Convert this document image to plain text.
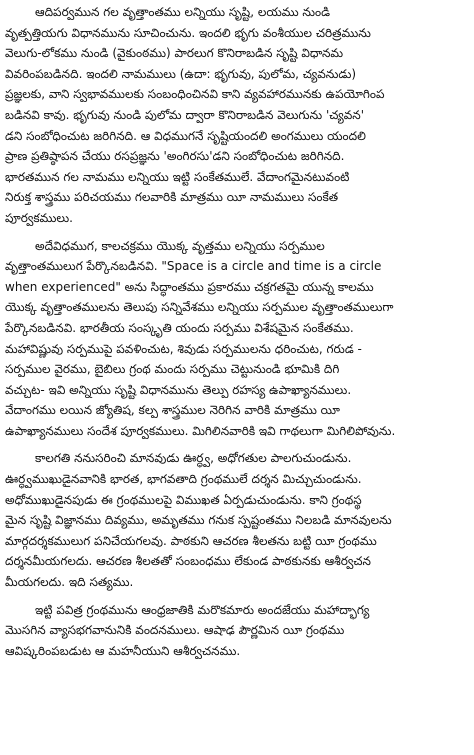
ఆదిపర్వమున గల వృత్తాంతము లన్నియు సృష్టి, లయము నుండి
వృత్పత్తియగు విధానమును సూచించును. ఇందలి భృగు వంశీయుల చరిత్రమును
వెలుగు-లోకము నుండి (వైకుంఠము) పారలుగ కొనిరాబడిన సృష్టి విధానమ
వివరింపబడినది. ఇందలి నామములు (ఉదా: భృగువు, పులోమ, చ్యవనుడు)
ప్రజ్ఞలకు, వాని స్వభావములకు సంబంధించినవి కాని వ్యవహారమునకు ఉపయోగింప
బడినవి కావు. భృగువు నుండి పులోమ ద్వారా కొనిరాబడిన వెలుగును 'చ్యవన'
డని సంబోధించుట జరిగినది. ఆ విధముగనే సృష్టియందలి అంగములు యందలి
ప్రాణ ప్రతిష్ఠాపన చేయు రసప్రజ్ఞను 'అంగిరసు'డని సంబోధించుట జరిగినది.
భారతమున గల నామము లన్నియు ఇట్టి సంకేతములే. వేదాంగమైనటువంటి
నిరుక్త శాస్త్రము పరిచయము గలవారికి మాత్రము యీ నామములు సంకేత
పూర్వకములు.
అదేవిధముగ, కాలచక్రము యొక్క వృత్తము లన్నియు సర్పముల
వృత్తాంతములుగ పేర్కొనబడినవి. "Space is a circle and time is a circle
when experienced" అను సిద్ధాంతము ప్రకారము చక్రగతమై యున్న కాలము
యొక్క వృత్తాంతములను తెలుపు సన్నివేశము లన్నియు సర్పముల వృత్తాంతములుగా
పేర్కొనబడినవి. భారతీయ సంస్కృతి యందు సర్పము విశేషమైన సంకేతము.
మహావిష్ణువు సర్పముపై పవళించుట, శివుడు సర్పములను ధరించుట, గరుడ -
సర్పముల వైరము, బైబిలు గ్రంథ మందు సర్పము చెట్టునుండి భూమికి దిగి
వచ్చుట- ఇవి అన్నియు సృష్టి విధానమును తెల్పు రహస్య ఉపాఖ్యానములు.
వేదాంగము లయిన జ్యోతిష, కల్ప శాస్త్రముల నెరిగిన వారికి మాత్రము యీ
ఉపాఖ్యానములు సందేశ పూర్వకములు. మిగిలినవారికి ఇవి గాథలుగా మిగిలిపోవును.
కాలగతి ననుసరించి మానవుడు ఊర్ధ్వ, అధోగతుల పాలగుచుండును.
ఊర్ధ్వముఖుడైనవానికి భారత, భాగవతాది గ్రంథములే దర్శన మిచ్చుచుండును.
అధోముఖుడైనపుడు ఈ గ్రంథములపై విముఖత ఏర్పడుచుండును. కాని గ్రంథస్థ
మైన సృష్టి విజ్ఞానము దివ్యము, అమృతము గనుక స్పష్టంతము నిలబడి మానవులను
మార్గదర్శకములుగ పనిచేయగలవు. పాఠకుని ఆచరణ శీలతను బట్టి యీ గ్రంథము
దర్శనమీయగలదు. ఆచరణ శీలతతో సంబంధము లేకుండ పాఠకునకు ఆశీర్వచన
మీయగలదు. ఇది సత్యము.
ఇట్టి పవిత్ర గ్రంథమును ఆంధ్రజాతికి మరొకమారు అందజేయు మహాద్భాగ్య
మొసగిన వ్యాసభగవానునికి వందనములు. ఆషాఢ పౌర్ణమిన యీ గ్రంథము
ఆవిష్కరింపబడుట ఆ మహనీయుని ఆశీర్వచనము.
